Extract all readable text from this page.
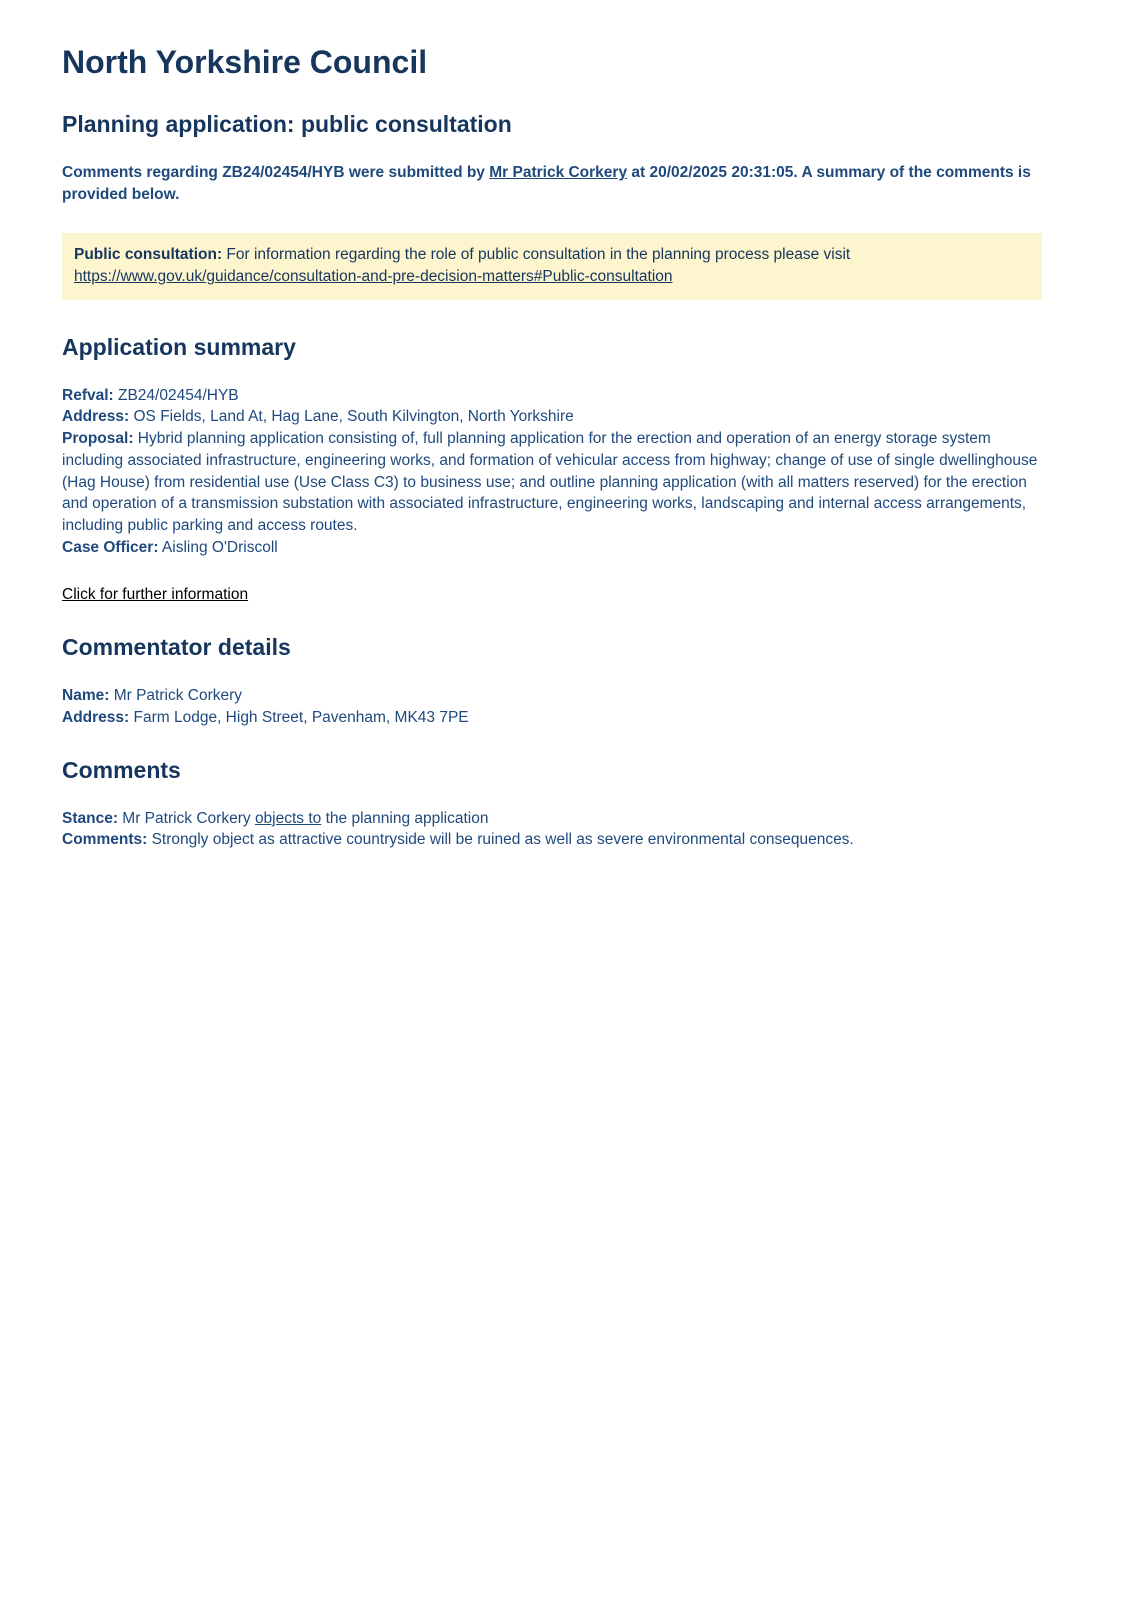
North Yorkshire Council
Planning application: public consultation

Comments regarding ZB24/02454/HYB were submitted by Mr Patrick Corkery at 20/02/2025 20:31:05. A summary of the comments is provided below.

Public consultation: For information regarding the role of public consultation in the planning process please visit https://www.gov.uk/guidance/consultation-and-pre-decision-matters#Public-consultation
Application summary

Refval: ZB24/02454/HYB
Address: OS Fields, Land At, Hag Lane, South Kilvington, North Yorkshire
Proposal: Hybrid planning application consisting of, full planning application for the erection and operation of an energy storage system including associated infrastructure, engineering works, and formation of vehicular access from highway; change of use of single dwellinghouse (Hag House) from residential use (Use Class C3) to business use; and outline planning application (with all matters reserved) for the erection and operation of a transmission substation with associated infrastructure, engineering works, landscaping and internal access arrangements, including public parking and access routes.
Case Officer: Aisling O'Driscoll

Click for further information
Commentator details

Name: Mr Patrick Corkery
Address: Farm Lodge, High Street, Pavenham, MK43 7PE

Comments

Stance: Mr Patrick Corkery objects to the planning application
Comments: Strongly object as attractive countryside will be ruined as well as severe environmental consequences.
